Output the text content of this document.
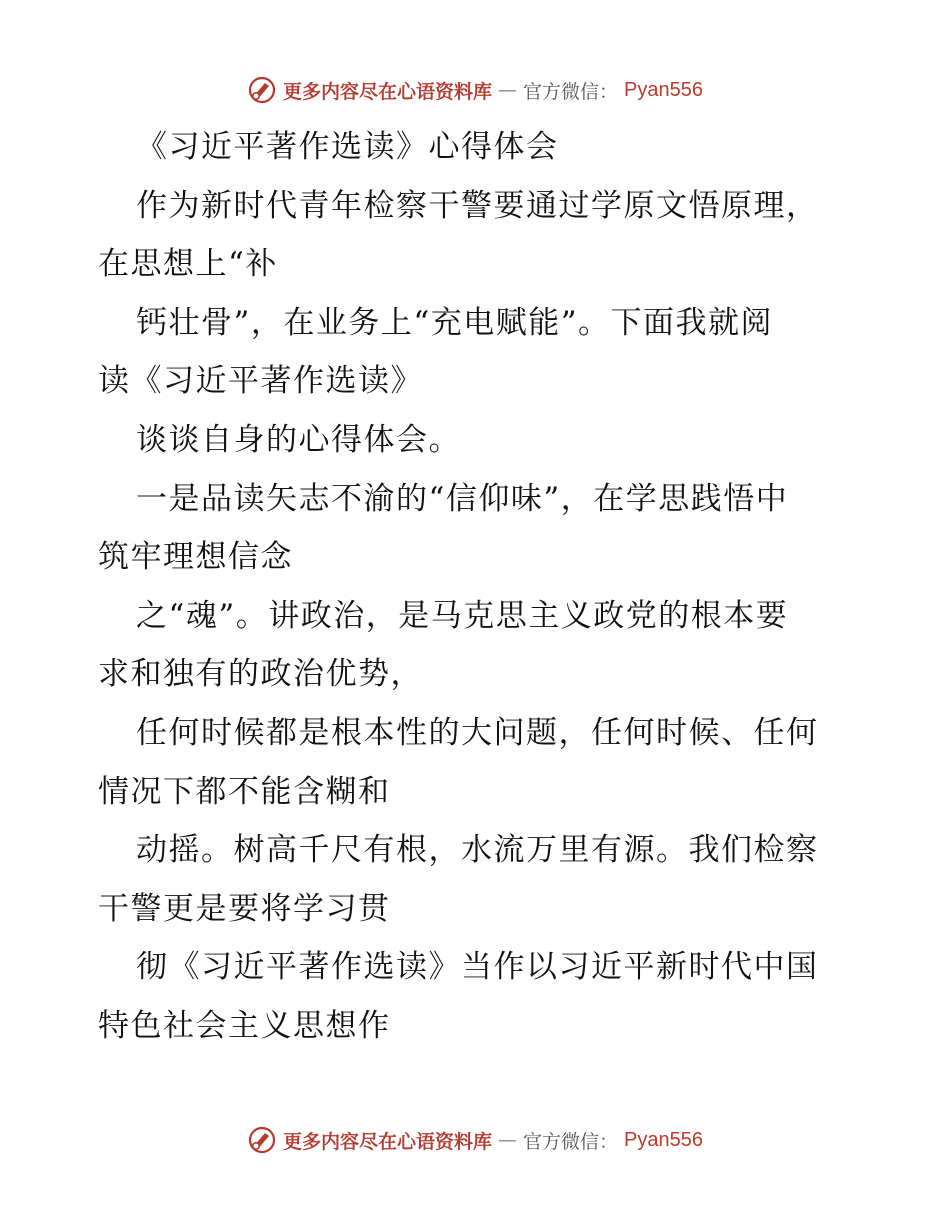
更多内容尽在心语资料库 — 官方微信： Pyan556
《习近平著作选读》心得体会
作为新时代青年检察干警要通过学原文悟原理，
在思想上“补
钙壮骨”，在业务上“充电赋能”。下面我就阅
读《习近平著作选读》
谈谈自身的心得体会。
一是品读矢志不渝的“信仰味”，在学思践悟中
筑牢理想信念
之“魂”。讲政治，是马克思主义政党的根本要
求和独有的政治优势，
任何时候都是根本性的大问题，任何时候、任何
情况下都不能含糊和
动摇。树高千尺有根，水流万里有源。我们检察
干警更是要将学习贯
彻《习近平著作选读》当作以习近平新时代中国
特色社会主义思想作
更多内容尽在心语资料库 — 官方微信： Pyan556
